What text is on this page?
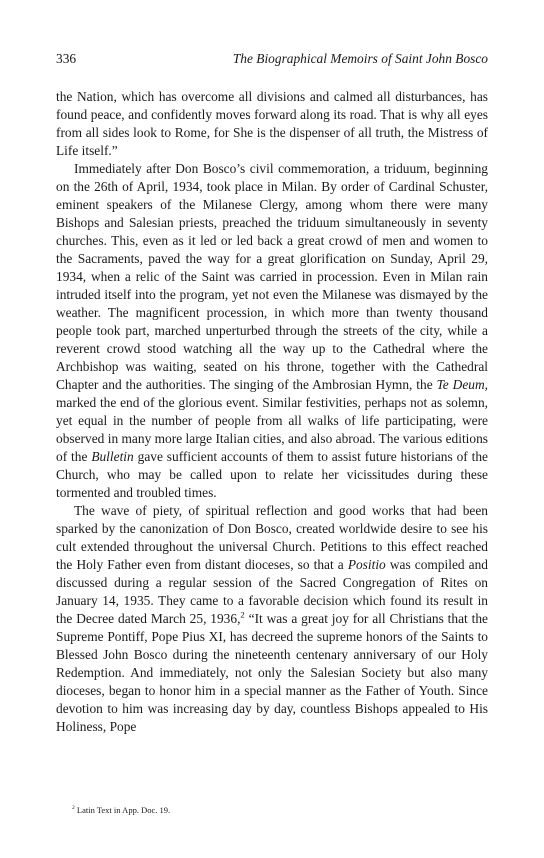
336	The Biographical Memoirs of Saint John Bosco

the Nation, which has overcome all divisions and calmed all disturbances, has found peace, and confidently moves forward along its road. That is why all eyes from all sides look to Rome, for She is the dispenser of all truth, the Mistress of Life itself.”

Immediately after Don Bosco’s civil commemoration, a triduum, beginning on the 26th of April, 1934, took place in Milan. By order of Cardinal Schuster, eminent speakers of the Milanese Clergy, among whom there were many Bishops and Salesian priests, preached the triduum simultaneously in seventy churches. This, even as it led or led back a great crowd of men and women to the Sacraments, paved the way for a great glorification on Sunday, April 29, 1934, when a relic of the Saint was carried in procession. Even in Milan rain intruded itself into the program, yet not even the Milanese was dismayed by the weather. The magnificent procession, in which more than twenty thousand people took part, marched unperturbed through the streets of the city, while a reverent crowd stood watching all the way up to the Cathedral where the Archbishop was waiting, seated on his throne, together with the Cathedral Chapter and the authorities. The singing of the Ambrosian Hymn, the Te Deum, marked the end of the glorious event. Similar festivities, perhaps not as solemn, yet equal in the number of people from all walks of life participating, were observed in many more large Italian cities, and also abroad. The various editions of the Bulletin gave sufficient accounts of them to assist future historians of the Church, who may be called upon to relate her vicissitudes during these tormented and troubled times.

The wave of piety, of spiritual reflection and good works that had been sparked by the canonization of Don Bosco, created worldwide desire to see his cult extended throughout the universal Church. Petitions to this effect reached the Holy Father even from distant dioceses, so that a Positio was compiled and discussed during a regular session of the Sacred Congregation of Rites on January 14, 1935. They came to a favorable decision which found its result in the Decree dated March 25, 1936,$^2$ “It was a great joy for all Christians that the Supreme Pontiff, Pope Pius XI, has decreed the supreme honors of the Saints to Blessed John Bosco during the nineteenth centenary anniversary of our Holy Redemption. And immediately, not only the Salesian Society but also many dioceses, began to honor him in a special manner as the Father of Youth. Since devotion to him was increasing day by day, countless Bishops appealed to His Holiness, Pope

$^2$ Latin Text in App. Doc. 19.
